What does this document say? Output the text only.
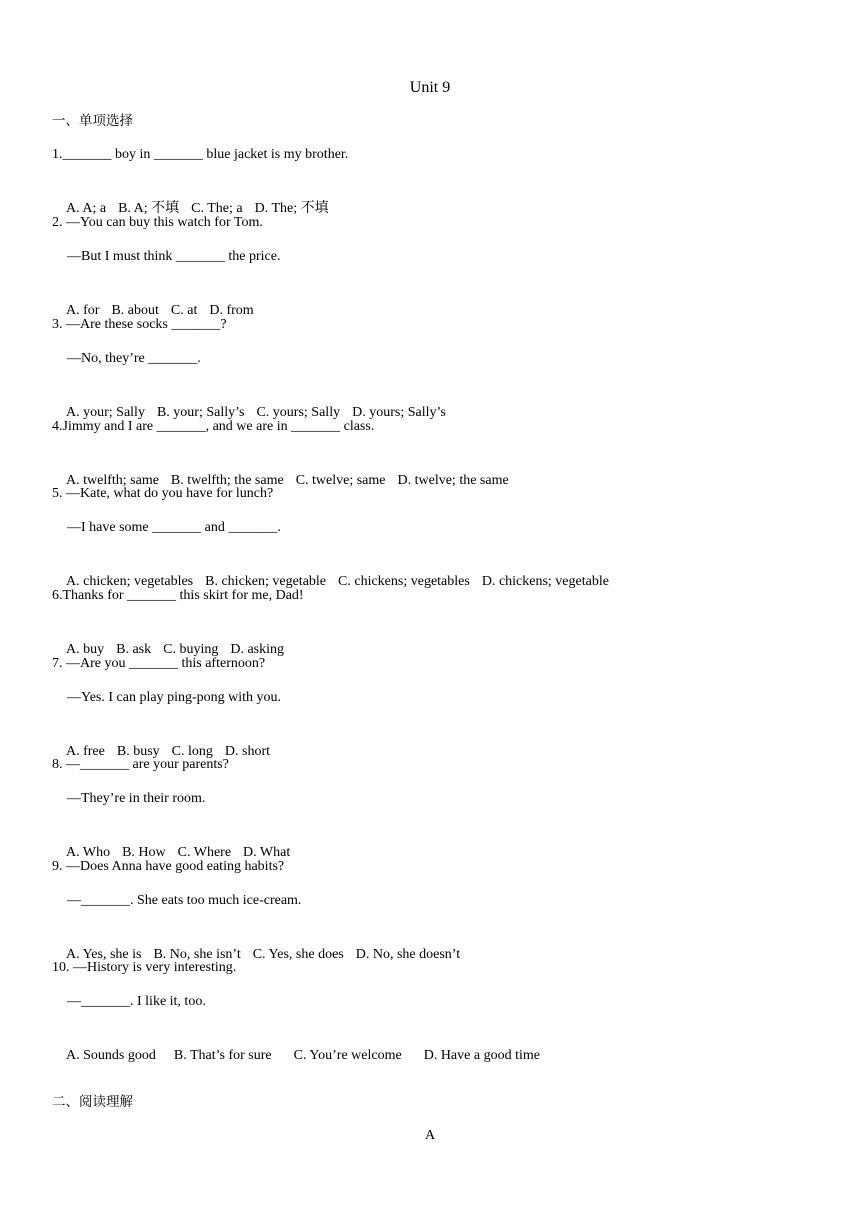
Unit 9
一、单项选择
1._______ boy in _______ blue jacket is my brother.

A. A; a B. A; 不填 C. The; a D. The; 不填

2. —You can buy this watch for Tom.
—But I must think _______ the price.

A. for B. about C. at D. from

3. —Are these socks _______?
—No, they’re _______.

A. your; Sally B. your; Sally’s C. yours; Sally D. yours; Sally’s

4.Jimmy and I are _______, and we are in _______ class.

A. twelfth; same B. twelfth; the same C. twelve; same D. twelve; the same

5. —Kate, what do you have for lunch?
—I have some _______ and _______.

A. chicken; vegetables B. chicken; vegetable C. chickens; vegetables D. chickens; vegetable

6.Thanks for _______ this skirt for me, Dad!

A. buy B. ask C. buying D. asking

7. —Are you _______ this afternoon?
—Yes. I can play ping-pong with you.

A. free B. busy C. long D. short

8. —_______ are your parents?
—They’re in their room.

A. Who B. How C. Where D. What

9. —Does Anna have good eating habits?
—_______. She eats too much ice-cream.

A. Yes, she is B. No, she isn’t C. Yes, she does D. No, she doesn’t

10. —History is very interesting.
—_______. I like it, too.

A. Sounds good B. That’s for sure C. You’re welcome D. Have a good time

二、阅读理解
A
